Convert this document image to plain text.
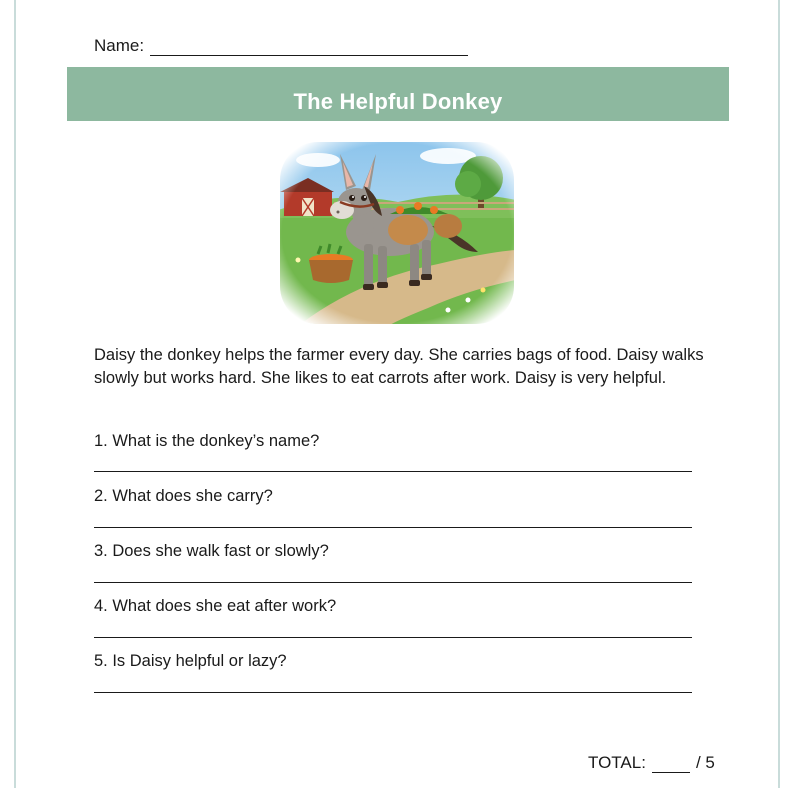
Name:
The Helpful Donkey
Daisy the donkey helps the farmer every day. She carries bags of food. Daisy walks slowly but works hard. She likes to eat carrots after work. Daisy is very helpful.
1. What is the donkey’s name?
2. What does she carry?
3. Does she walk fast or slowly?
4. What does she eat after work?
5. Is Daisy helpful or lazy?
TOTAL:	/ 5
